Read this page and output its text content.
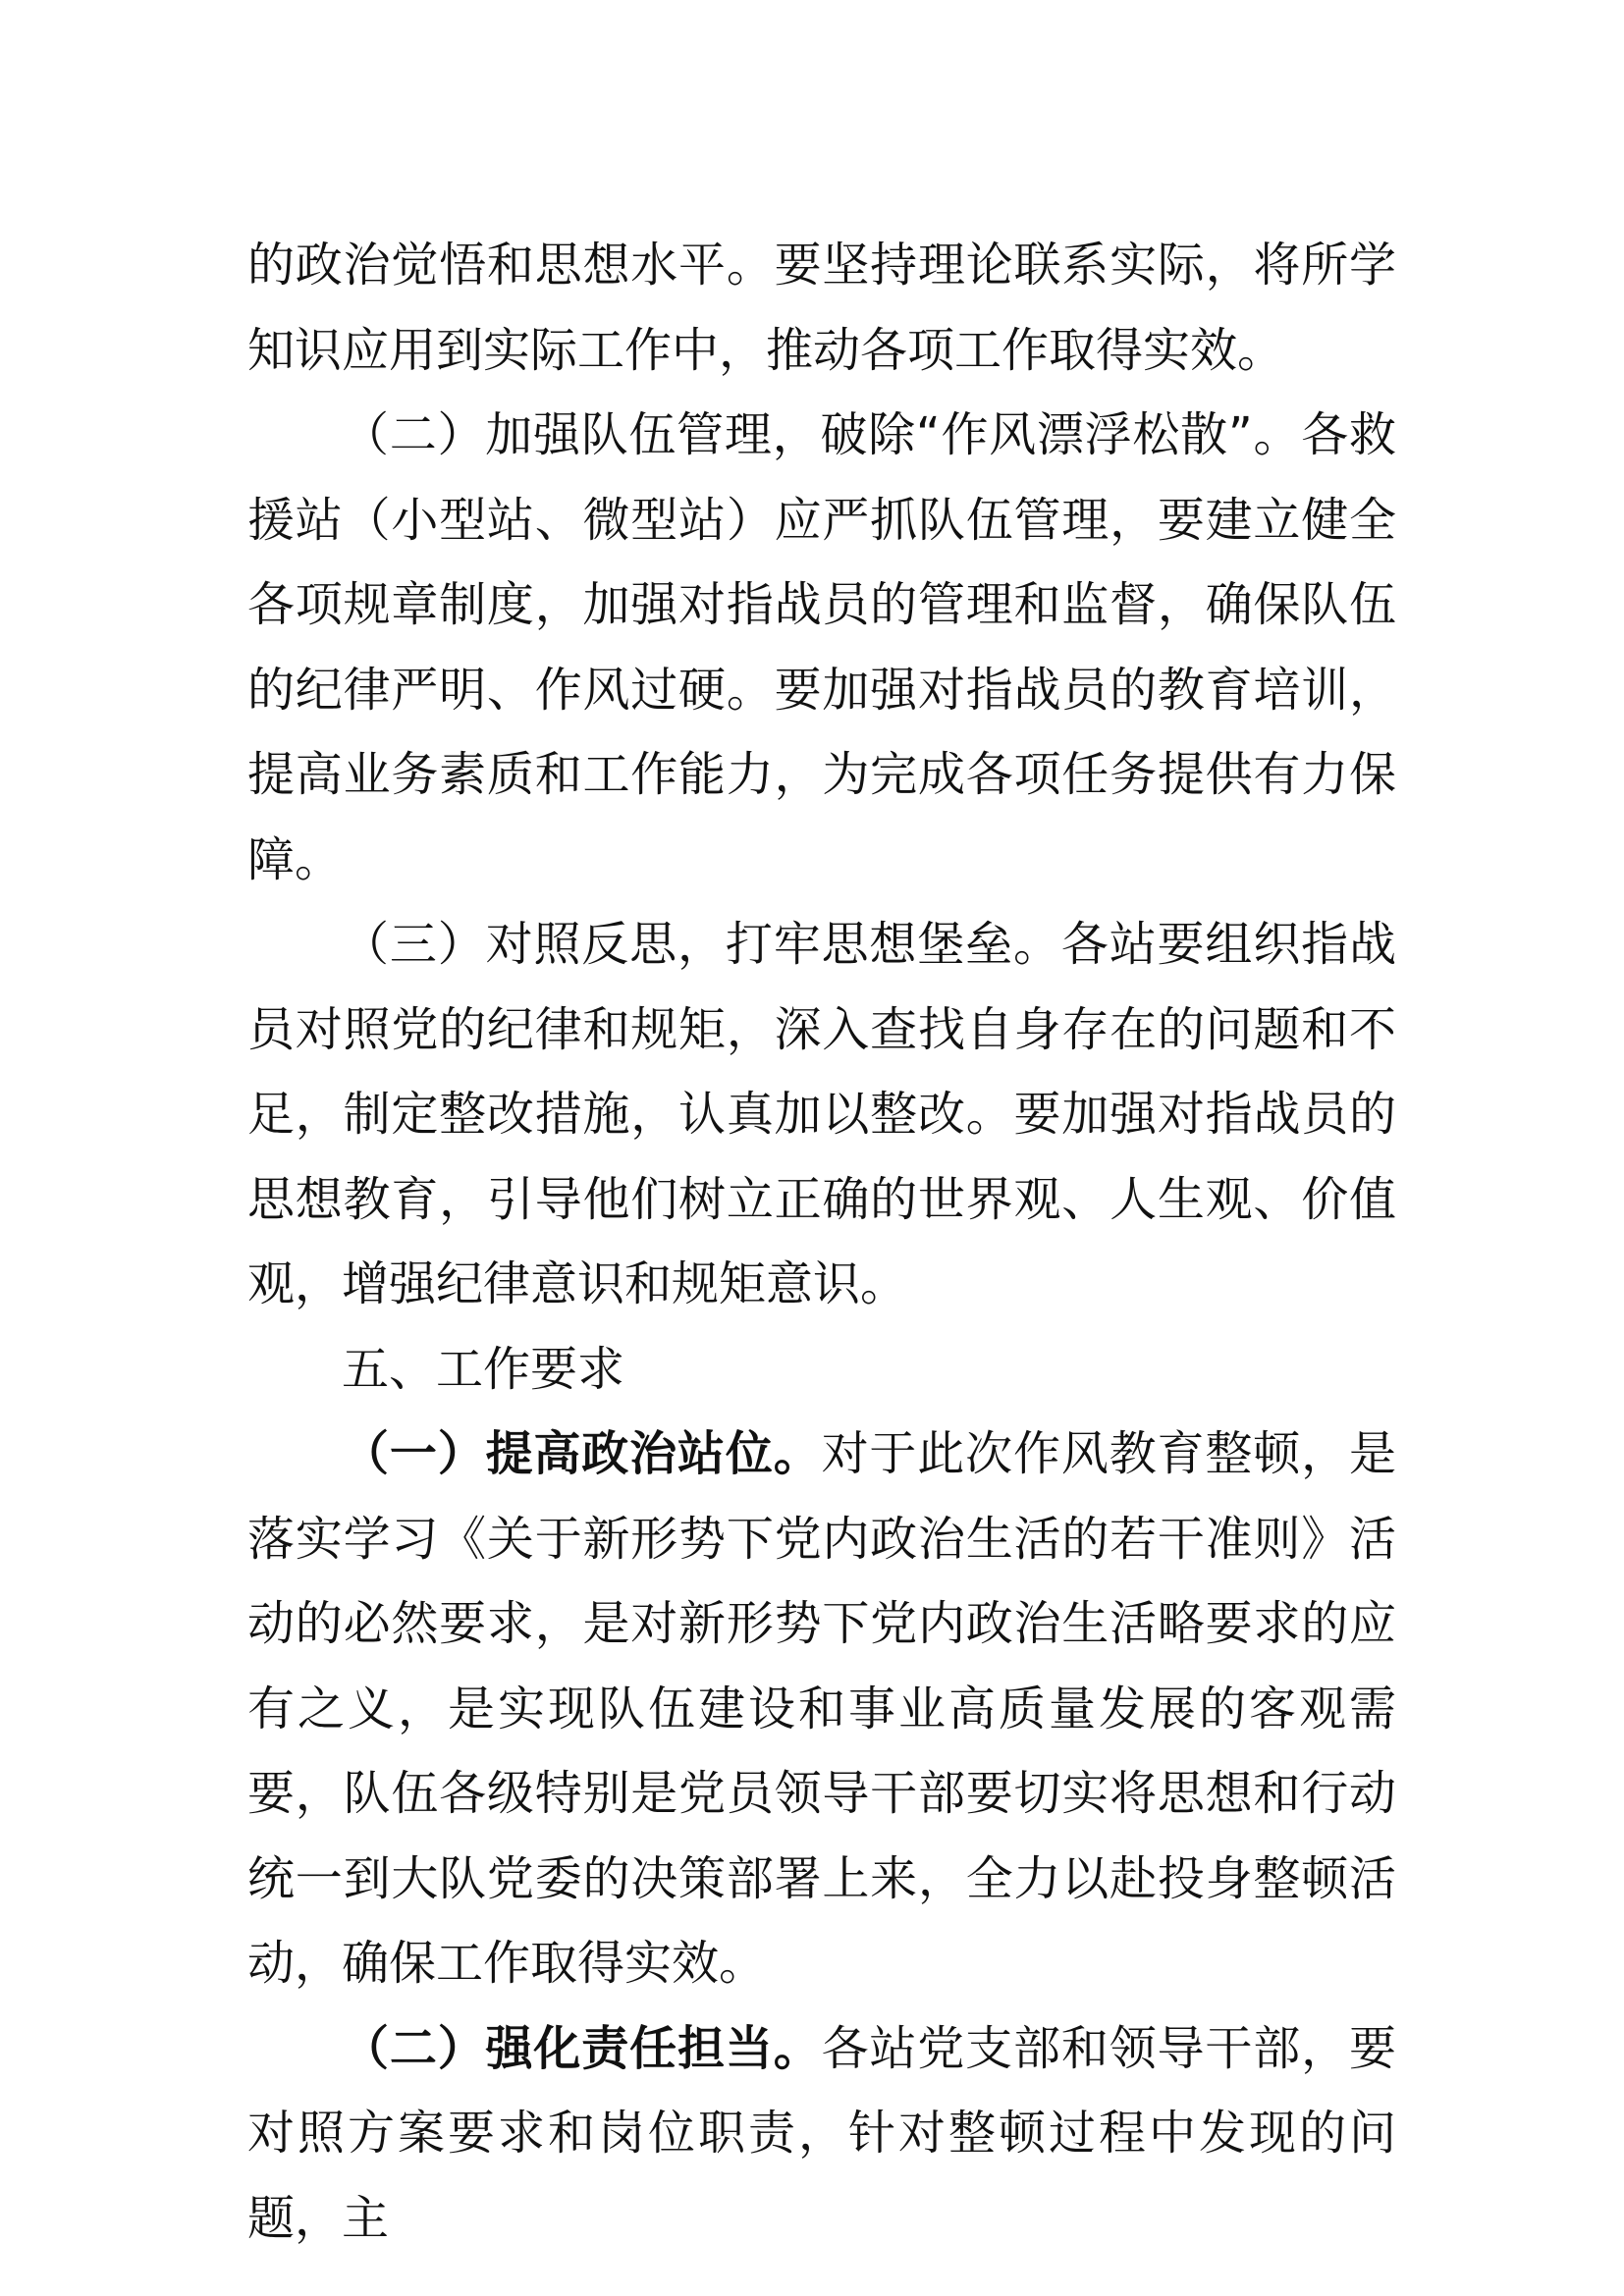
的政治觉悟和思想水平。要坚持理论联系实际，将所学知识应用到实际工作中，推动各项工作取得实效。

（二）加强队伍管理，破除“作风漂浮松散”。各救援站（小型站、微型站）应严抓队伍管理，要建立健全各项规章制度，加强对指战员的管理和监督，确保队伍的纪律严明、作风过硬。要加强对指战员的教育培训，提高业务素质和工作能力，为完成各项任务提供有力保障。

（三）对照反思，打牢思想堡垒。各站要组织指战员对照党的纪律和规矩，深入查找自身存在的问题和不足，制定整改措施，认真加以整改。要加强对指战员的思想教育，引导他们树立正确的世界观、人生观、价值观，增强纪律意识和规矩意识。

五、工作要求

（一）提高政治站位。对于此次作风教育整顿，是落实学习《关于新形势下党内政治生活的若干准则》活动的必然要求，是对新形势下党内政治生活略要求的应有之义，是实现队伍建设和事业高质量发展的客观需要，队伍各级特别是党员领导干部要切实将思想和行动统一到大队党委的决策部署上来，全力以赴投身整顿活动，确保工作取得实效。

（二）强化责任担当。各站党支部和领导干部，要对照方案要求和岗位职责，针对整顿过程中发现的问题，主
